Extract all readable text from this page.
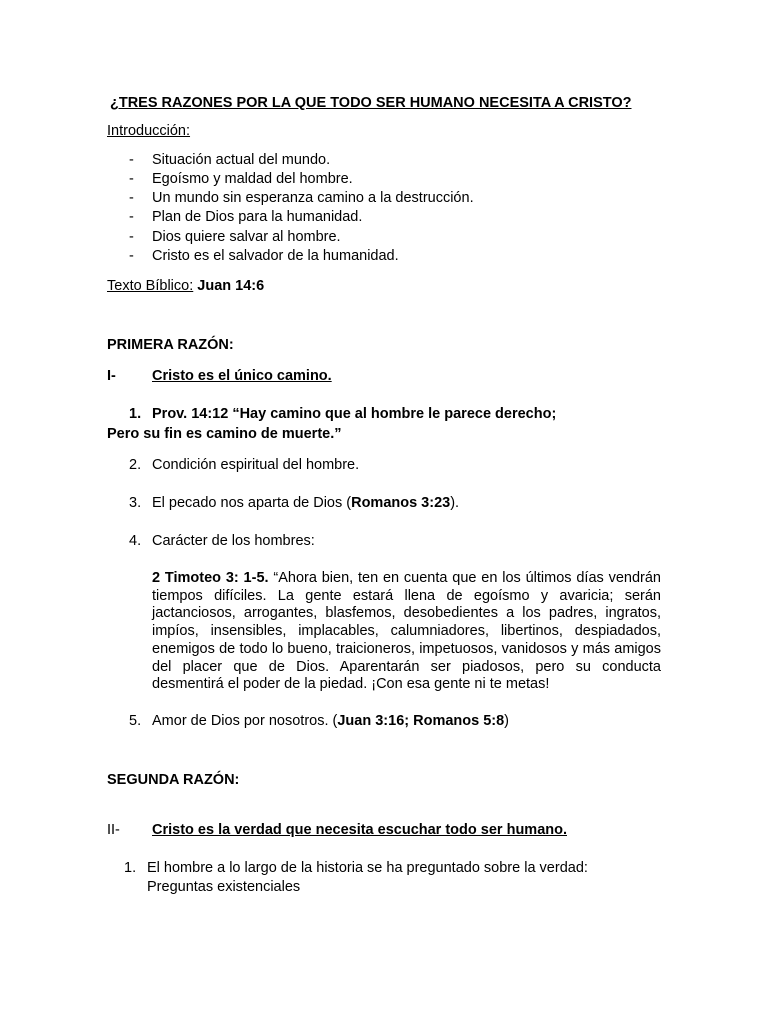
¿TRES RAZONES POR LA QUE TODO SER HUMANO NECESITA A CRISTO?
Introducción:
- Situación actual del mundo.
- Egoísmo y maldad del hombre.
- Un mundo sin esperanza camino a la destrucción.
- Plan de Dios para la humanidad.
- Dios quiere salvar al hombre.
- Cristo es el salvador de la humanidad.
Texto Bíblico: Juan 14:6
PRIMERA RAZÓN:
I- Cristo es el único camino.
1. Prov. 14:12 “Hay camino que al hombre le parece derecho;
Pero su fin es camino de muerte.”
2. Condición espiritual del hombre.
3. El pecado nos aparta de Dios (Romanos 3:23).
4. Carácter de los hombres:
2 Timoteo 3: 1-5. “Ahora bien, ten en cuenta que en los últimos días vendrán tiempos difíciles. La gente estará llena de egoísmo y avaricia; serán jactanciosos, arrogantes, blasfemos, desobedientes a los padres, ingratos, impíos, insensibles, implacables, calumniadores, libertinos, despiadados, enemigos de todo lo bueno, traicioneros, impetuosos, vanidosos y más amigos del placer que de Dios. Aparentarán ser piadosos, pero su conducta desmentirá el poder de la piedad. ¡Con esa gente ni te metas!
5. Amor de Dios por nosotros. (Juan 3:16; Romanos 5:8)
SEGUNDA RAZÓN:
II- Cristo es la verdad que necesita escuchar todo ser humano.
1. El hombre a lo largo de la historia se ha preguntado sobre la verdad:
Preguntas existenciales
